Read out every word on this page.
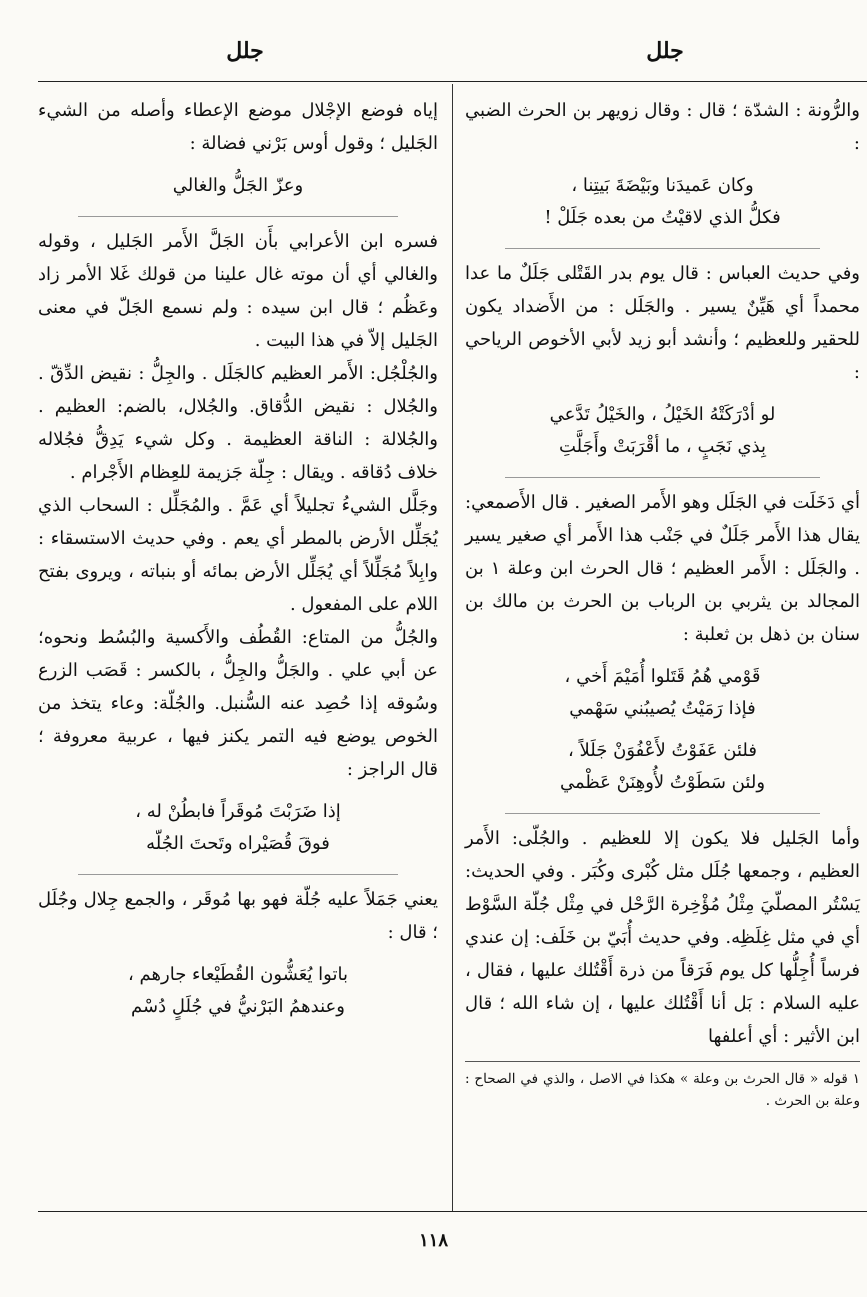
جلل
جلل

والرُّونة : الشدّة ؛ قال : وقال زويهر بن الحرث الضبي :

وكان عَميدَنا وبَيْضَةَ بَيتِنا ،
فكلُّ الذي لاقيْتُ من بعده جَلَلْ !

وفي حديث العباس : قال يوم بدر القَتْلى جَلَلٌ ما عدا محمداً أي هَيِّنٌ يسير . والجَلَل : من الأَضداد يكون للحقير وللعظيم ؛ وأنشد أبو زيد لأبي الأخوص الرياحي :

لو أدْرَكَتْهُ الخَيْلُ ، والخَيْلُ تَدَّعي
بِذي نَجَبٍ ، ما أقْرَبَتْ وأَجَلَّتِ

أي دَخَلَت في الجَلَل وهو الأَمر الصغير . قال الأَصمعي: يقال هذا الأَمر جَلَلٌ في جَنْب هذا الأَمر أي صغير يسير . والجَلَل : الأَمر العظيم ؛ قال الحرث ابن وعلة ١ بن المجالد بن يثربي بن الرباب بن الحرث بن مالك بن سنان بن ذهل بن ثعلبة :

قَوْمي هُمُ قَتَلوا أُمَيْمَ أَخي ،
فإذا رَمَيْتُ يُصيبُني سَهْمي
فلئن عَفَوْتُ لأَعْفُوَنْ جَلَلاً ،
ولئن سَطَوْتُ لأُوهِنَنْ عَظْمي

وأما الجَليل فلا يكون إلا للعظيم . والجُلّى: الأَمر العظيم ، وجمعها جُلَل مثل كُبْرى وكُبَر . وفي الحديث: يَسْتُر المصلّيَ مِثْلُ مُؤْخِرة الرَّحْل في مِثْل جُلّة السَّوْط أي في مثل غِلَظِه. وفي حديث أُبَيّ بن خَلَف: إن عندي فرساً أُجِلُّها كل يوم فَرَقاً من ذرة أَقْتُلك عليها ، فقال ، عليه السلام : بَل أنا أَقْتُلك عليها ، إن شاء الله ؛ قال ابن الأثير : أي أعلفها

١ قوله « قال الحرث بن وعلة » هكذا في الاصل ، والذي في الصحاح : وعلة بن الحرث .

إياه فوضع الإجْلال موضع الإعطاء وأصله من الشيء الجَليل ؛ وقول أوس بَرْني فضالة :

وعزّ الجَلُّ والغالي

فسره ابن الأعرابي بأَن الجَلَّ الأَمر الجَليل ، وقوله والغالي أي أن موته غال علينا من قولك غَلا الأمر زاد وعَظُم ؛ قال ابن سيده : ولم نسمع الجَلّ في معنى الجَليل إلاّ في هذا البيت .

والجُلْجُل: الأَمر العظيم كالجَلَل . والجِلُّ : نقيض الدِّقّ . والجُلال : نقيض الدُّقاق. والجُلال، بالضم: العظيم . والجُلالة : الناقة العظيمة . وكل شيء يَدِقُّ فجُلاله خلاف دُقاقه . ويقال : جِلّة جَزيمة للعِظام الأَجْرام .

وجَلَّل الشيءُ تجليلاً أي عَمَّ . والمُجَلِّل : السحاب الذي يُجَلِّل الأرض بالمطر أي يعم . وفي حديث الاستسقاء : وابِلاً مُجَلِّلاً أي يُجَلِّل الأرض بمائه أو بنباته ، ويروى بفتح اللام على المفعول .

والجُلُّ من المتاع: القُطُف والأَكسية والبُسُط ونحوه؛ عن أبي علي . والجَلُّ والجِلُّ ، بالكسر : قَصَب الزرع وسُوقه إذا حُصِد عنه السُّنبل. والجُلّة: وعاء يتخذ من الخوص يوضع فيه التمر يكنز فيها ، عربية معروفة ؛ قال الراجز :

إذا ضَرَبْتَ مُوقَراً فابطُنْ له ،
فوقَ قُصَيْراه وتَحتَ الجُلّه

يعني جَمَلاً عليه جُلّة فهو بها مُوقَر ، والجمع جِلال وجُلَل ؛ قال :

باتوا يُعَشُّون القُطَيْعاء جارهم ،
وعندهمُ البَرْنيُّ في جُلَلٍ دُسْم
١١٨
